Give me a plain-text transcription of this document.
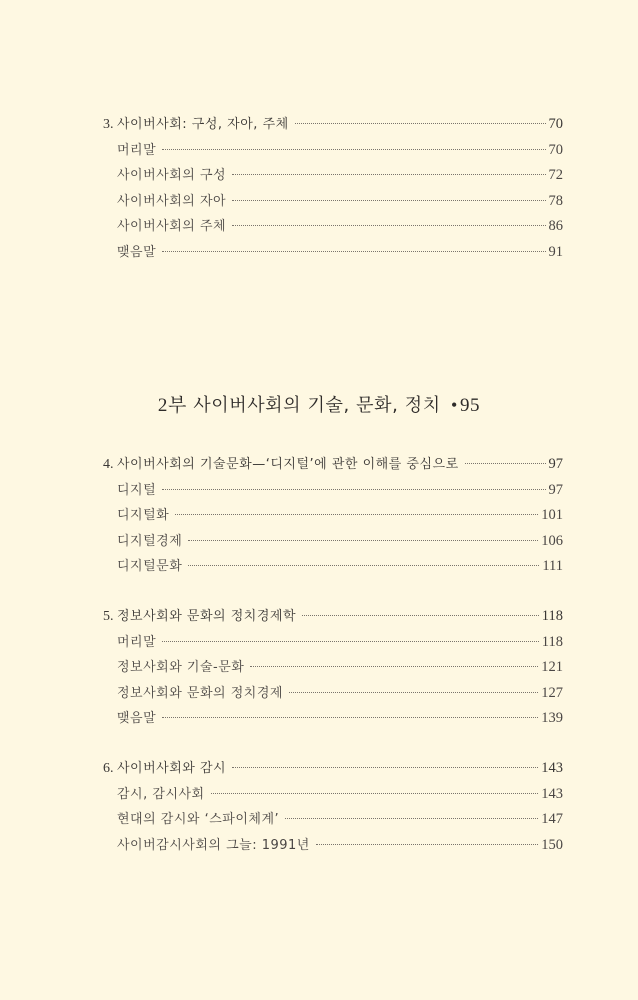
3. 사이버사회: 구성, 자아, 주체	70
머리말	70
사이버사회의 구성	72
사이버사회의 자아	78
사이버사회의 주체	86
맺음말	91
2부 사이버사회의 기술, 문화, 정치 • 95
4. 사이버사회의 기술문화—‘디지털’에 관한 이해를 중심으로	97
디지털	97
디지털화	101
디지털경제	106
디지털문화	111
5. 정보사회와 문화의 정치경제학	118
머리말	118
정보사회와 기술-문화	121
정보사회와 문화의 정치경제	127
맺음말	139
6. 사이버사회와 감시	143
감시, 감시사회	143
현대의 감시와 ‘스파이체계’	147
사이버감시사회의 그늘: 1991년	150
